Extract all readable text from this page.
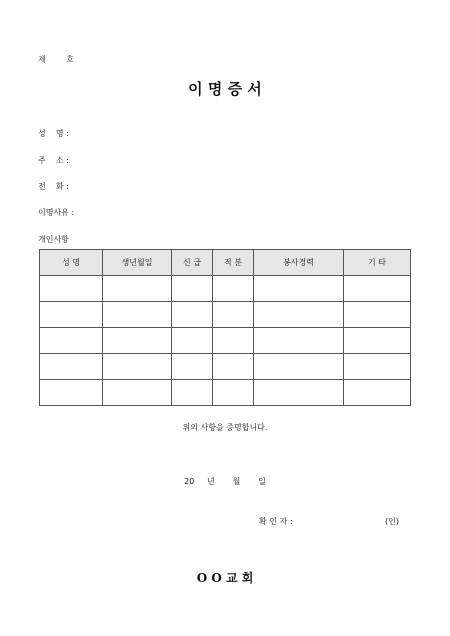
제        호
이 명 증 서
성    명 :
주    소 :
전    화 :
이명사유 :
개인사항
성 명	생년월일	신 급	직 분	봉사경력	기 타

위의 사항을 증명합니다.
20     년       월       일
확 인 자 :	(인)
O O 교 회
